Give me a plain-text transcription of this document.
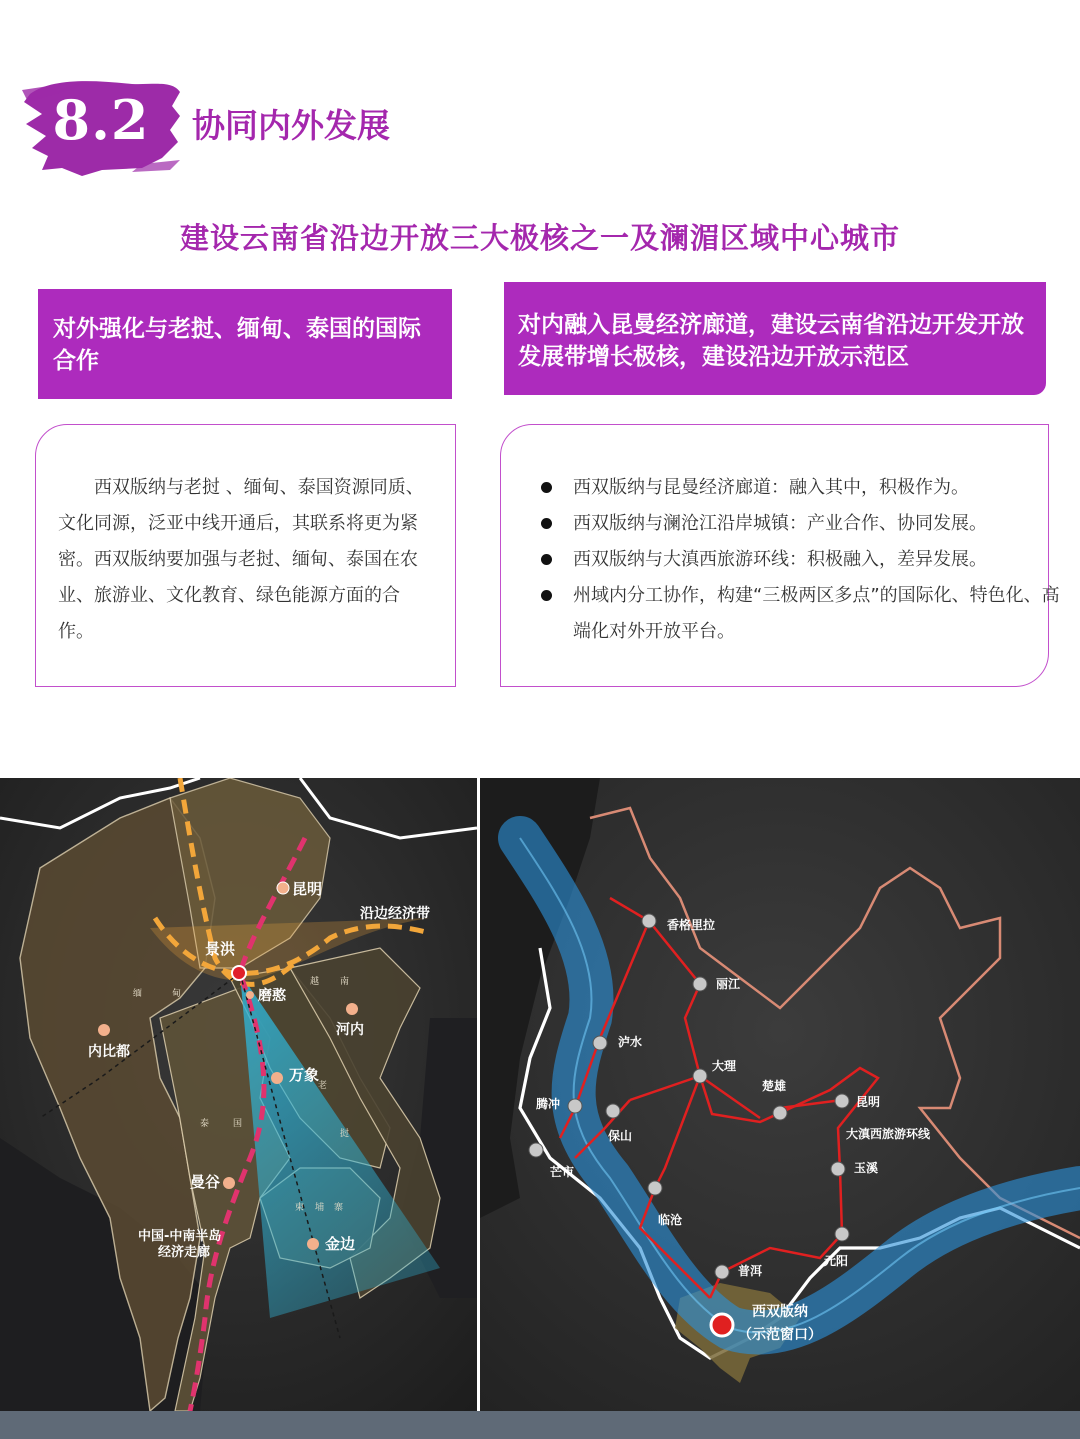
8.2 协同内外发展
建设云南省沿边开放三大极核之一及澜湄区域中心城市
对外强化与老挝、缅甸、泰国的国际合作
对内融入昆曼经济廊道，建设云南省沿边开发开放发展带增长极核，建设沿边开放示范区

西双版纳与老挝 、缅甸、泰国资源同质、文化同源，泛亚中线开通后，其联系将更为紧密。西双版纳要加强与老挝、缅甸、泰国在农业、旅游业、文化教育、绿色能源方面的合作。

西双版纳与昆曼经济廊道：融入其中，积极作为。
西双版纳与澜沧江沿岸城镇：产业合作、协同发展。
西双版纳与大滇西旅游环线：积极融入，差异发展。
州域内分工协作，构建“三极两区多点”的国际化、特色化、高端化对外开放平台。
昆明
景洪
磨憨
河内
内比都
万象
曼谷
金边
沿边经济带
中国-中南半岛
经济走廊
缅	甸
越 南
泰	国
老
挝
柬 埔 寨
香格里拉
丽江
泸水
大理
楚雄
昆明
腾冲
保山
芒市
临沧
玉溪
普洱
元阳
大滇西旅游环线
西双版纳
（示范窗口）
